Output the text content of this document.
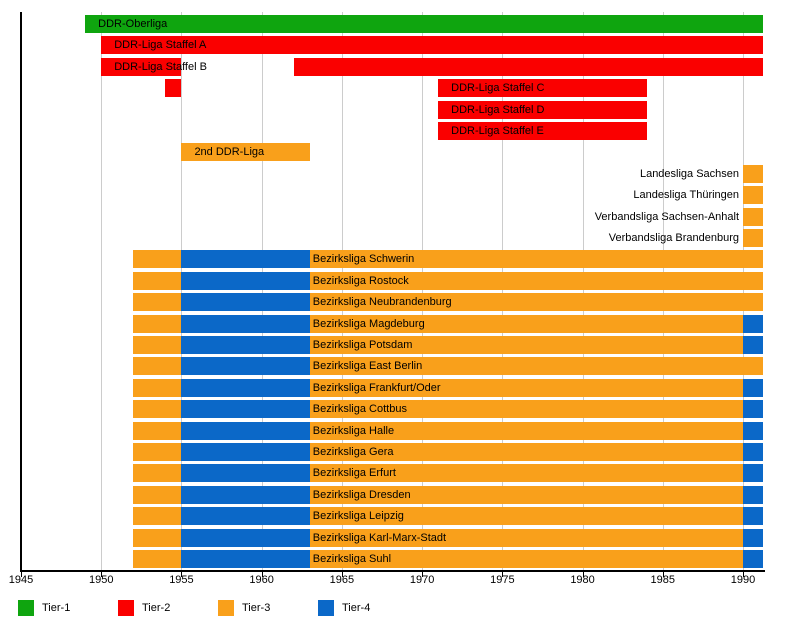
1945	1950	1955	1960	1965	1970	1975	1980	1985	1990
DDR-Oberliga
DDR-Liga Staffel A
DDR-Liga Staffel B
DDR-Liga Staffel C
DDR-Liga Staffel D
DDR-Liga Staffel E
2nd DDR-Liga
Landesliga Sachsen
Landesliga Thüringen
Verbandsliga Sachsen-Anhalt
Verbandsliga Brandenburg
Bezirksliga Schwerin
Bezirksliga Rostock
Bezirksliga Neubrandenburg
Bezirksliga Magdeburg
Bezirksliga Potsdam
Bezirksliga East Berlin
Bezirksliga Frankfurt/Oder
Bezirksliga Cottbus
Bezirksliga Halle
Bezirksliga Gera
Bezirksliga Erfurt
Bezirksliga Dresden
Bezirksliga Leipzig
Bezirksliga Karl-Marx-Stadt
Bezirksliga Suhl
Tier-1	Tier-2	Tier-3	Tier-4
